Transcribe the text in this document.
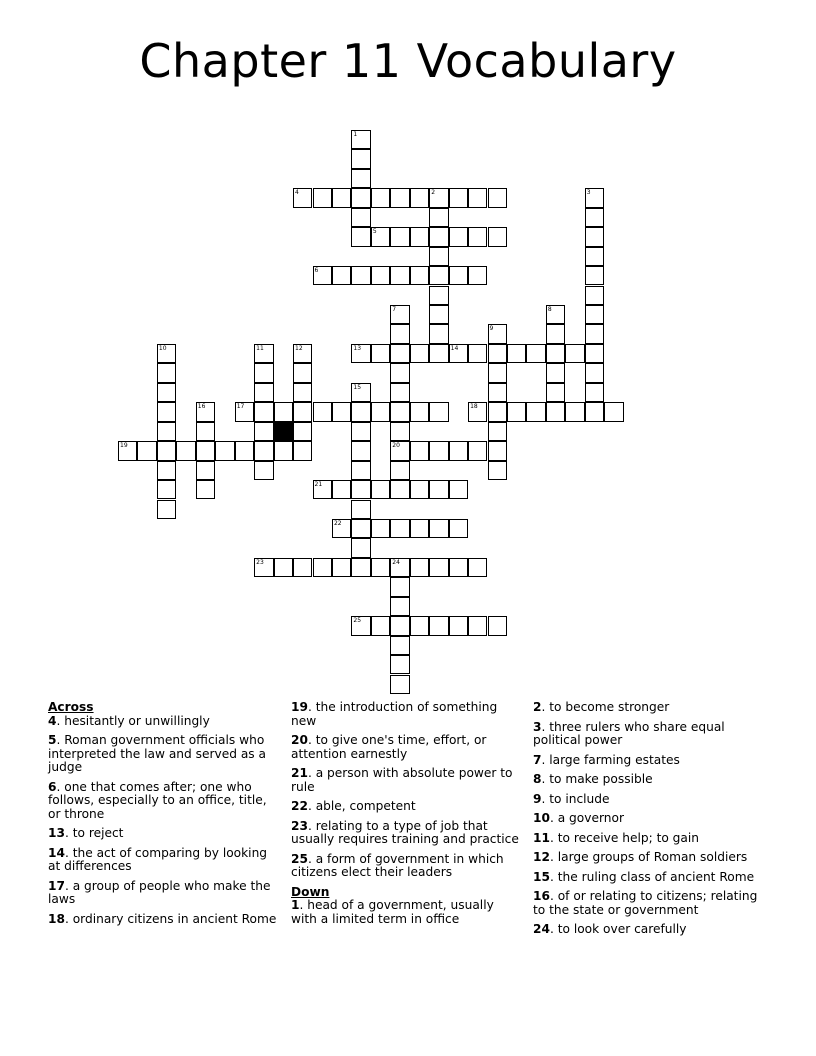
Chapter 11 Vocabulary
4	2
5
6
13	14
17	18
19	20
21
22
23	24
25
1
3
7	8
9
10	11	12
15
16
Across
4. hesitantly or unwillingly
5. Roman government officials who interpreted the law and served as a judge
6. one that comes after; one who follows, especially to an office, title, or throne
13. to reject
14. the act of comparing by looking at differences
17. a group of people who make the laws
18. ordinary citizens in ancient Rome
19. the introduction of something new
20. to give one's time, effort, or attention earnestly
21. a person with absolute power to rule
22. able, competent
23. relating to a type of job that usually requires training and practice
25. a form of government in which citizens elect their leaders
Down
1. head of a government, usually with a limited term in office
2. to become stronger
3. three rulers who share equal political power
7. large farming estates
8. to make possible
9. to include
10. a governor
11. to receive help; to gain
12. large groups of Roman soldiers
15. the ruling class of ancient Rome
16. of or relating to citizens; relating to the state or government
24. to look over carefully
